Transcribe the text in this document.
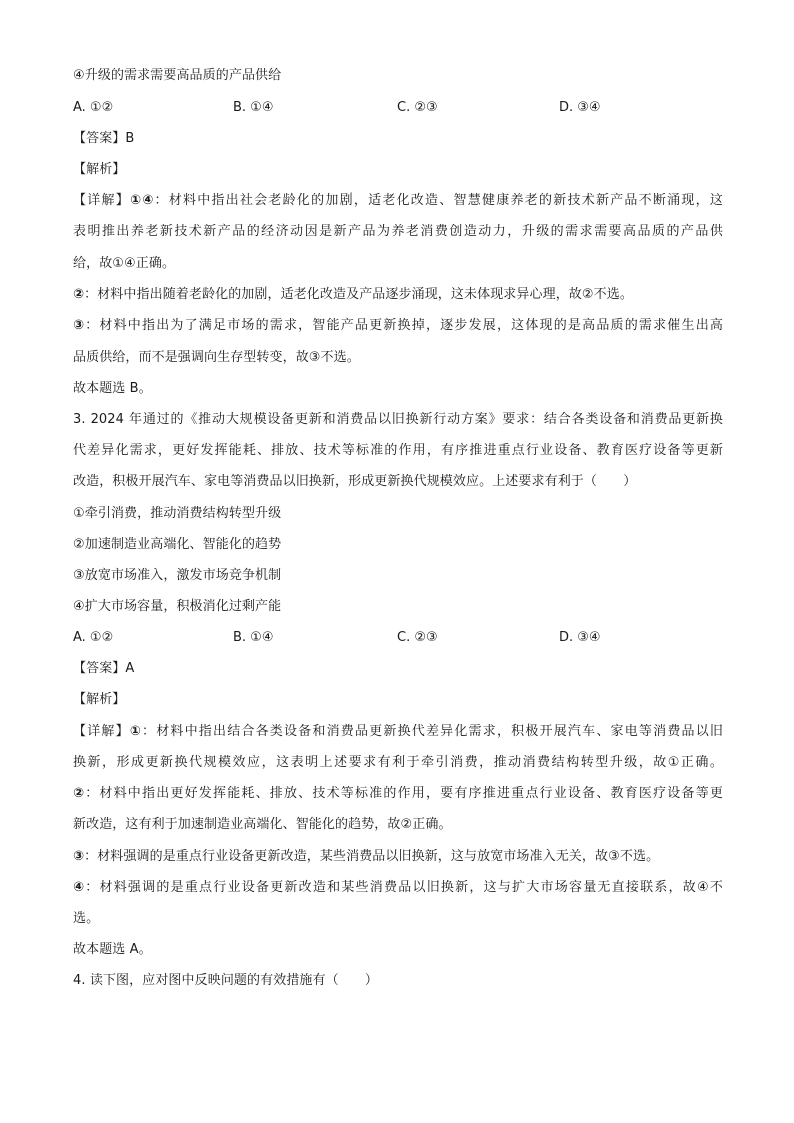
④升级的需求需要高品质的产品供给
A. ①②	B. ①④	C. ②③	D. ③④
【答案】B
【解析】
【详解】①④：材料中指出社会老龄化的加剧，适老化改造、智慧健康养老的新技术新产品不断涌现，这
表明推出养老新技术新产品的经济动因是新产品为养老消费创造动力，升级的需求需要高品质的产品供
给，故①④正确。
②：材料中指出随着老龄化的加剧，适老化改造及产品逐步涌现，这未体现求异心理，故②不选。
③：材料中指出为了满足市场的需求，智能产品更新换掉，逐步发展，这体现的是高品质的需求催生出高
品质供给，而不是强调向生存型转变，故③不选。
故本题选 B。
3. 2024 年通过的《推动大规模设备更新和消费品以旧换新行动方案》要求：结合各类设备和消费品更新换
代差异化需求，更好发挥能耗、排放、技术等标准的作用，有序推进重点行业设备、教育医疗设备等更新
改造，积极开展汽车、家电等消费品以旧换新，形成更新换代规模效应。上述要求有利于（　　）
①牵引消费，推动消费结构转型升级
②加速制造业高端化、智能化的趋势
③放宽市场准入，激发市场竞争机制
④扩大市场容量，积极消化过剩产能
A. ①②	B. ①④	C. ②③	D. ③④
【答案】A
【解析】
【详解】①：材料中指出结合各类设备和消费品更新换代差异化需求，积极开展汽车、家电等消费品以旧
换新，形成更新换代规模效应，这表明上述要求有利于牵引消费，推动消费结构转型升级，故①正确。
②：材料中指出更好发挥能耗、排放、技术等标准的作用，要有序推进重点行业设备、教育医疗设备等更
新改造，这有利于加速制造业高端化、智能化的趋势，故②正确。
③：材料强调的是重点行业设备更新改造，某些消费品以旧换新，这与放宽市场准入无关，故③不选。
④：材料强调的是重点行业设备更新改造和某些消费品以旧换新，这与扩大市场容量无直接联系，故④不
选。
故本题选 A。
4. 读下图，应对图中反映问题的有效措施有（　　）
